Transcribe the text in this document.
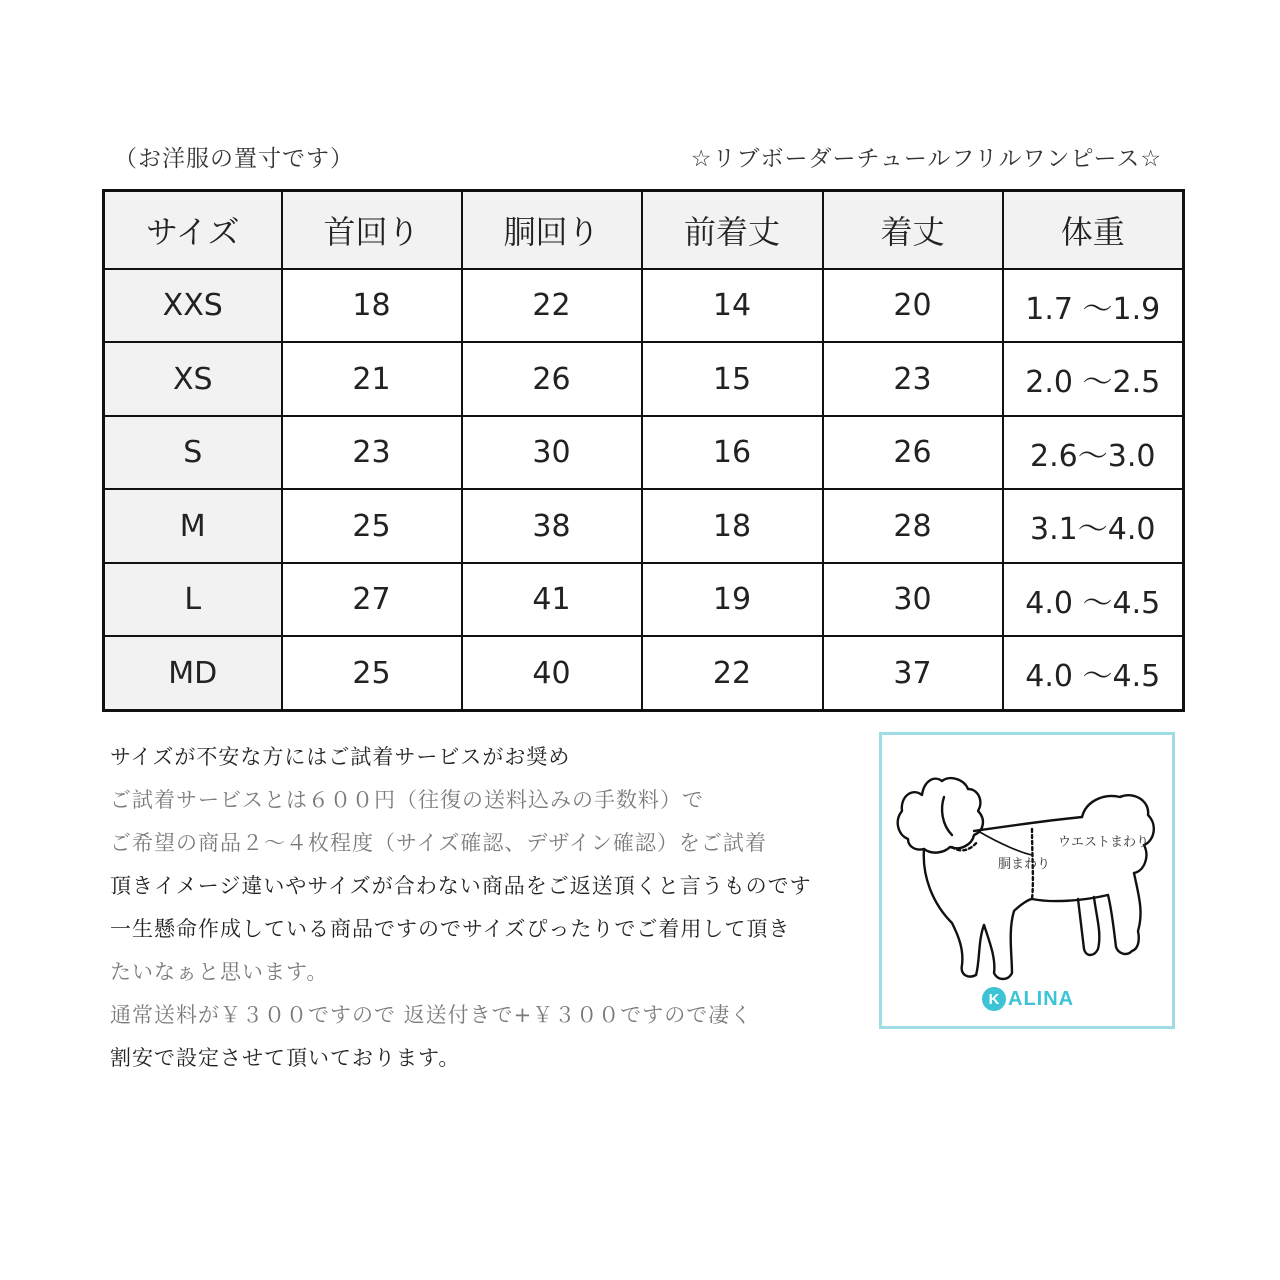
（お洋服の置寸です）	☆リブボーダーチュールフリルワンピース☆
サイズ	首回り	胴回り	前着丈	着丈	体重
XXS	18	22	14	20	1.7 〜1.9
XS	21	26	15	23	2.0 〜2.5
S	23	30	16	26	2.6〜3.0
M	25	38	18	28	3.1〜4.0
L	27	41	19	30	4.0 〜4.5
MD	25	40	22	37	4.0 〜4.5

サイズが不安な方にはご試着サービスがお奨め

ご試着サービスとは６００円（往復の送料込みの手数料）で

ご希望の商品２〜４枚程度（サイズ確認、デザイン確認）をご試着

頂きイメージ違いやサイズが合わない商品をご返送頂くと言うものです

一生懸命作成している商品ですのでサイズぴったりでご着用して頂き

たいなぁと思います。

通常送料が￥３００ですので 返送付きで+￥３００ですので凄く

割安で設定させて頂いております。

ウエストまわり
胴まわり
K ALINA
